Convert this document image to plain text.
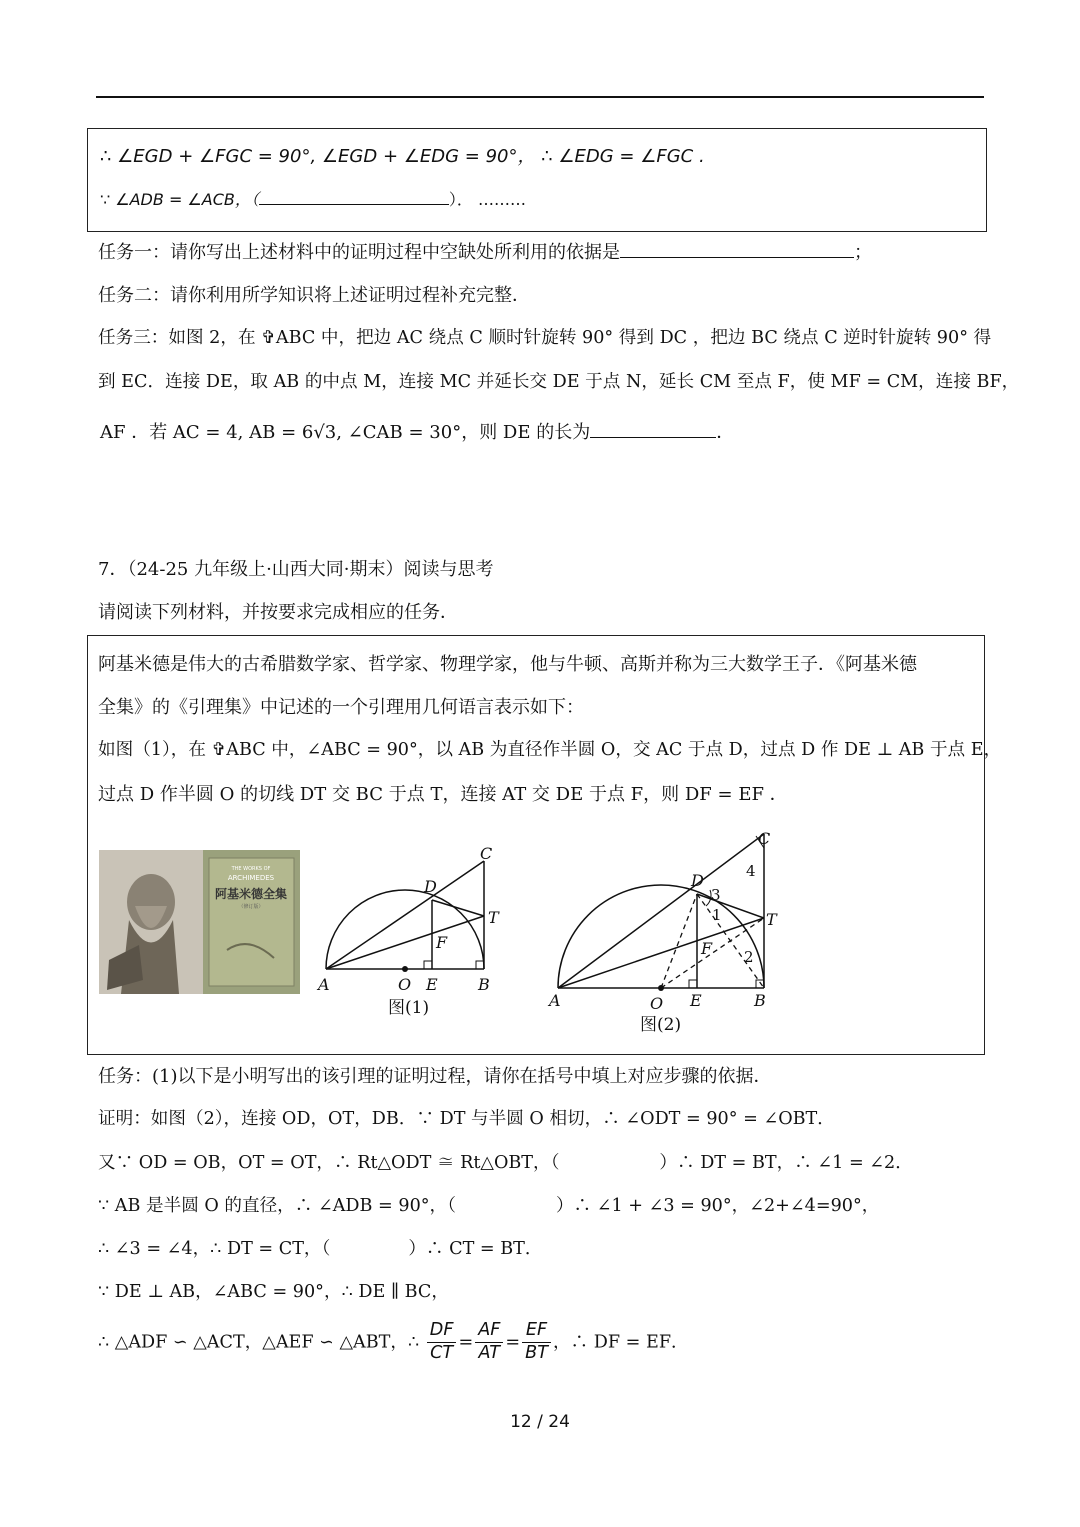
∴ ∠EGD + ∠FGC = 90°, ∠EGD + ∠EDG = 90°， ∴ ∠EDG = ∠FGC .
∵ ∠ADB = ∠ACB，（	）． ………
任务一：请你写出上述材料中的证明过程中空缺处所利用的依据是	；
任务二：请你利用所学知识将上述证明过程补充完整．
任务三：如图 2，在 ✞ABC 中，把边 AC 绕点 C 顺时针旋转 90° 得到 DC ，把边 BC 绕点 C 逆时针旋转 90° 得
到 EC．连接 DE，取 AB 的中点 M，连接 MC 并延长交 DE 于点 N，延长 CM 至点 F，使 MF = CM，连接 BF，
AF ．若 AC = 4, AB = 6√3, ∠CAB = 30°，则 DE 的长为	．
7．（24-25 九年级上·山西大同·期末）阅读与思考
请阅读下列材料，并按要求完成相应的任务．
阿基米德是伟大的古希腊数学家、哲学家、物理学家，他与牛顿、高斯并称为三大数学王子．《阿基米德
全集》的《引理集》中记述的一个引理用几何语言表示如下：
如图（1），在 ✞ABC 中，∠ABC = 90°，以 AB 为直径作半圆 O，交 AC 于点 D，过点 D 作 DE ⊥ AB 于点 E，
过点 D 作半圆 O 的切线 DT 交 BC 于点 T，连接 AT 交 DE 于点 F，则 DF = EF ．
THE WORKS OF
ARCHIMEDES
阿基米德全集
（修订版）
C
D
T
F
A	O E	B
图(1)
C
D
T
F
A	O E	B
3
1
2
4
图(2)
任务：(1)以下是小明写出的该引理的证明过程，请你在括号中填上对应步骤的依据．
证明：如图（2），连接 OD，OT，DB．∵ DT 与半圆 O 相切，∴ ∠ODT = 90° = ∠OBT．
又∵ OD = OB，OT = OT，∴ Rt△ODT ≅ Rt△OBT，（	）∴ DT = BT，∴ ∠1 = ∠2．
∵ AB 是半圆 O 的直径，∴ ∠ADB = 90°，（	）∴ ∠1 + ∠3 = 90°，∠2+∠4=90°，
∴ ∠3 = ∠4，∴ DT = CT，（	）∴ CT = BT．
∵ DE ⊥ AB，∠ABC = 90°，∴ DE ∥ BC，
∴ △ADF ∽ △ACT，△AEF ∽ △ABT，∴ $\frac{DF}{CT} = \frac{AF}{AT} = \frac{EF}{BT}$ ，∴ DF = EF．
12 / 24
